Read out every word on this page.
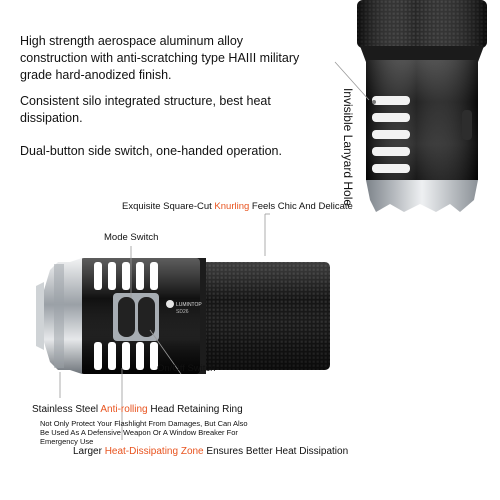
LUMINTOP
SD26
High strength aerospace aluminum alloy construction with anti-scratching type HAIII military grade hard-anodized finish.
Consistent silo integrated structure, best heat dissipation.
Dual-button side switch, one-handed operation.	Invisible Lanyard Hole
Exquisite Square-Cut Knurling Feels Chic And Delicate
Mode Switch
On/Off Switch
Stainless Steel Anti-rolling Head Retaining Ring
Not Only Protect Your Flashlight From Damages, But Can Also Be Used As A Defensive Weapon Or A Window Breaker For Emergency Use
Larger Heat-Dissipating Zone Ensures Better Heat Dissipation
